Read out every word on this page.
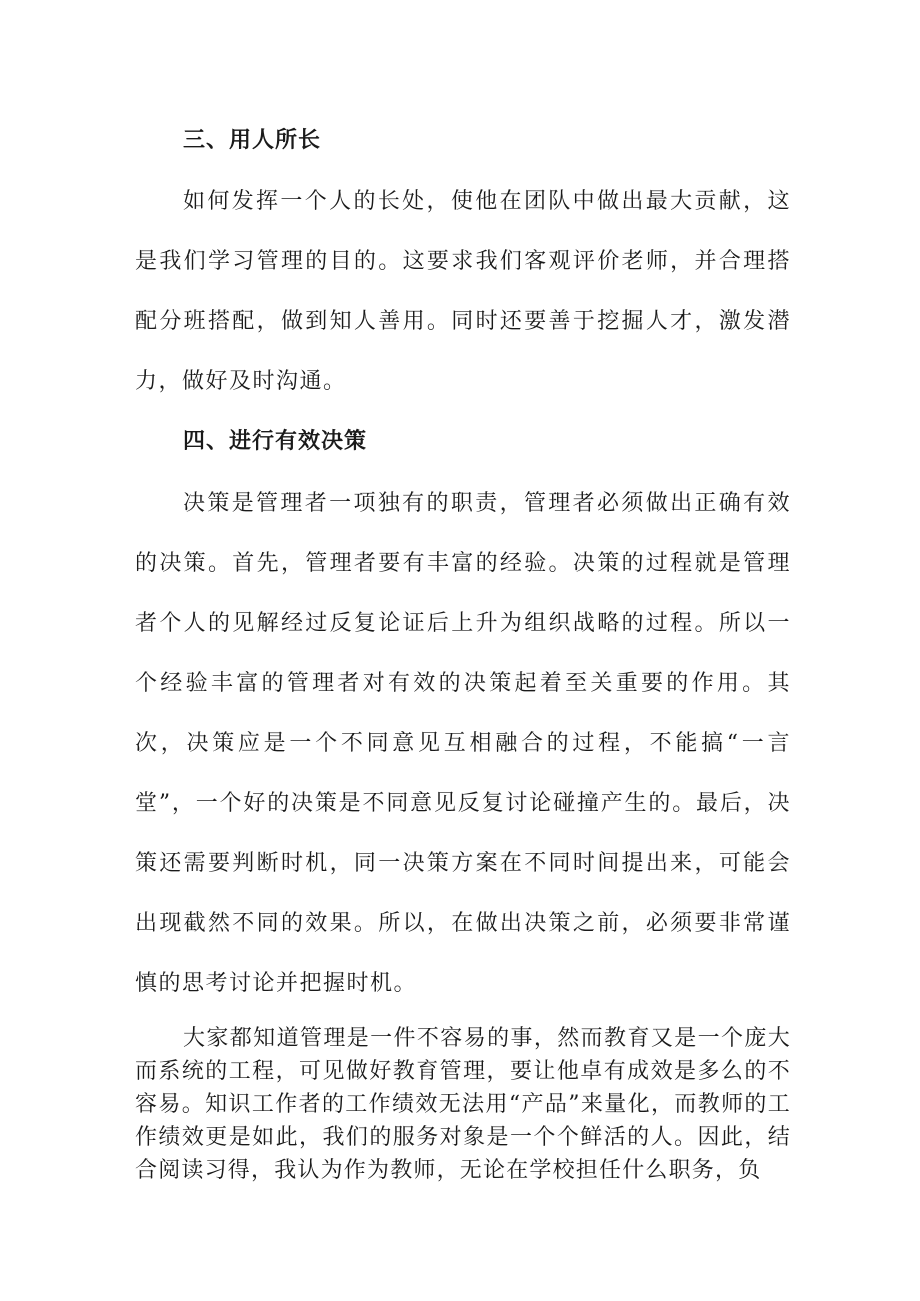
三、用人所长

如何发挥一个人的长处，使他在团队中做出最大贡献，这是我们学习管理的目的。这要求我们客观评价老师，并合理搭配分班搭配，做到知人善用。同时还要善于挖掘人才，激发潜力，做好及时沟通。

四、进行有效决策

决策是管理者一项独有的职责，管理者必须做出正确有效的决策。首先，管理者要有丰富的经验。决策的过程就是管理者个人的见解经过反复论证后上升为组织战略的过程。所以一个经验丰富的管理者对有效的决策起着至关重要的作用。其次，决策应是一个不同意见互相融合的过程，不能搞“一言堂”，一个好的决策是不同意见反复讨论碰撞产生的。最后，决策还需要判断时机，同一决策方案在不同时间提出来，可能会出现截然不同的效果。所以，在做出决策之前，必须要非常谨慎的思考讨论并把握时机。

大家都知道管理是一件不容易的事，然而教育又是一个庞大而系统的工程，可见做好教育管理，要让他卓有成效是多么的不容易。知识工作者的工作绩效无法用“产品”来量化，而教师的工作绩效更是如此，我们的服务对象是一个个鲜活的人。因此，结合阅读习得，我认为作为教师，无论在学校担任什么职务，负
